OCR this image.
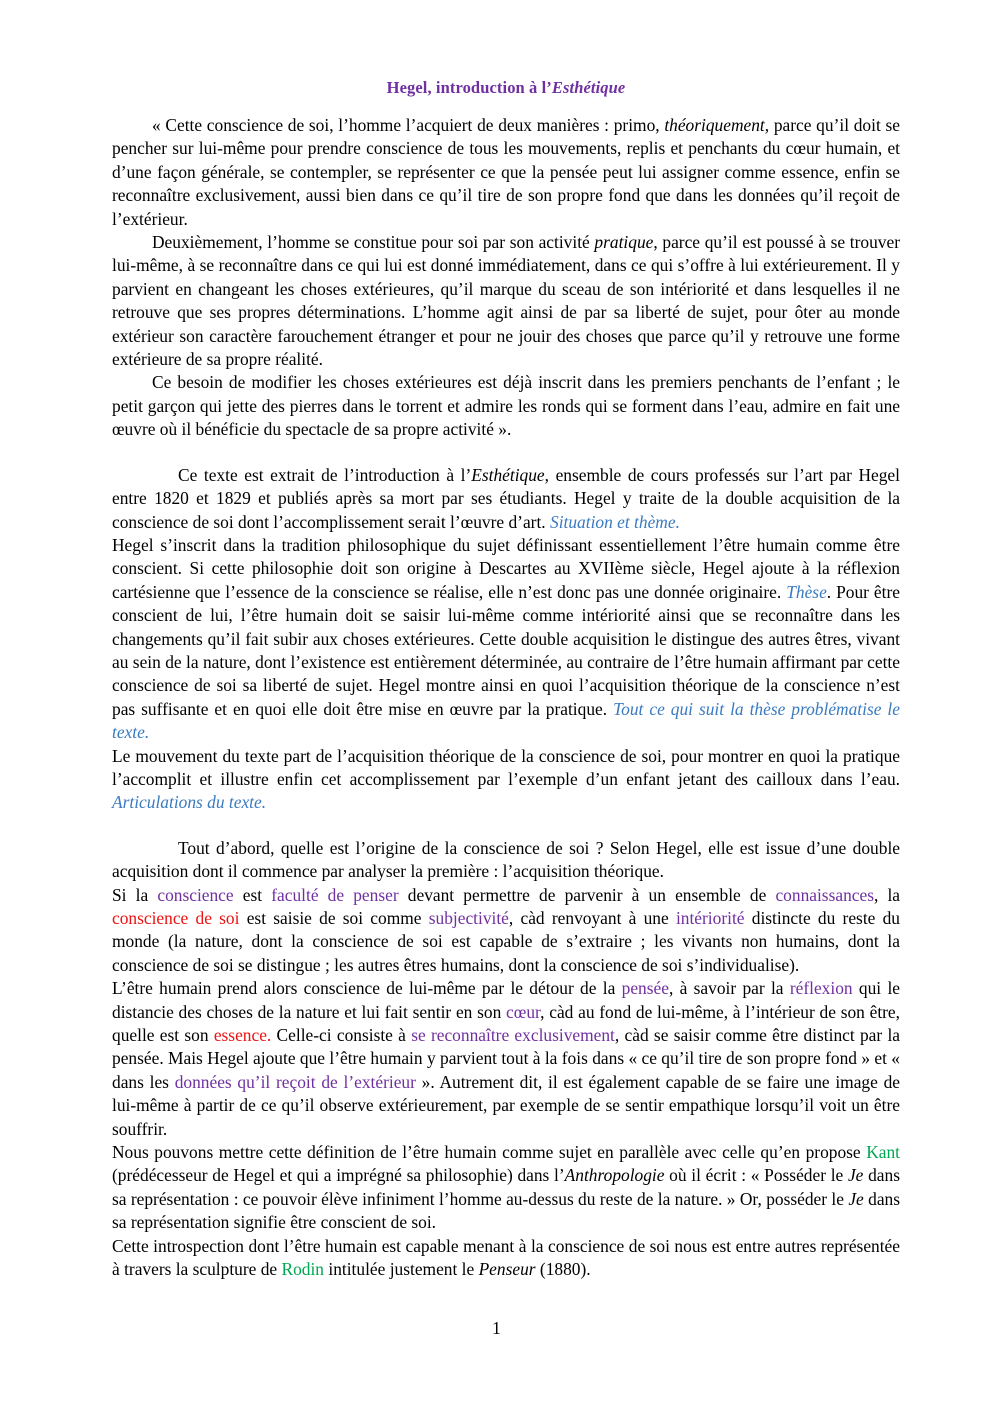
Hegel, introduction à l’Esthétique

« Cette conscience de soi, l’homme l’acquiert de deux manières : primo, théoriquement, parce qu’il doit se pencher sur lui-même pour prendre conscience de tous les mouvements, replis et penchants du cœur humain, et d’une façon générale, se contempler, se représenter ce que la pensée peut lui assigner comme essence, enfin se reconnaître exclusivement, aussi bien dans ce qu’il tire de son propre fond que dans les données qu’il reçoit de l’extérieur.

Deuxièmement, l’homme se constitue pour soi par son activité pratique, parce qu’il est poussé à se trouver lui-même, à se reconnaître dans ce qui lui est donné immédiatement, dans ce qui s’offre à lui extérieurement. Il y parvient en changeant les choses extérieures, qu’il marque du sceau de son intériorité et dans lesquelles il ne retrouve que ses propres déterminations. L’homme agit ainsi de par sa liberté de sujet, pour ôter au monde extérieur son caractère farouchement étranger et pour ne jouir des choses que parce qu’il y retrouve une forme extérieure de sa propre réalité.

Ce besoin de modifier les choses extérieures est déjà inscrit dans les premiers penchants de l’enfant ; le petit garçon qui jette des pierres dans le torrent et admire les ronds qui se forment dans l’eau, admire en fait une œuvre où il bénéficie du spectacle de sa propre activité ».

Ce texte est extrait de l’introduction à l’Esthétique, ensemble de cours professés sur l’art par Hegel entre 1820 et 1829 et publiés après sa mort par ses étudiants. Hegel y traite de la double acquisition de la conscience de soi dont l’accomplissement serait l’œuvre d’art. Situation et thème.

Hegel s’inscrit dans la tradition philosophique du sujet définissant essentiellement l’être humain comme être conscient. Si cette philosophie doit son origine à Descartes au XVIIème siècle, Hegel ajoute à la réflexion cartésienne que l’essence de la conscience se réalise, elle n’est donc pas une donnée originaire. Thèse. Pour être conscient de lui, l’être humain doit se saisir lui-même comme intériorité ainsi que se reconnaître dans les changements qu’il fait subir aux choses extérieures. Cette double acquisition le distingue des autres êtres, vivant au sein de la nature, dont l’existence est entièrement déterminée, au contraire de l’être humain affirmant par cette conscience de soi sa liberté de sujet. Hegel montre ainsi en quoi l’acquisition théorique de la conscience n’est pas suffisante et en quoi elle doit être mise en œuvre par la pratique. Tout ce qui suit la thèse problématise le texte.

Le mouvement du texte part de l’acquisition théorique de la conscience de soi, pour montrer en quoi la pratique l’accomplit et illustre enfin cet accomplissement par l’exemple d’un enfant jetant des cailloux dans l’eau. Articulations du texte.

Tout d’abord, quelle est l’origine de la conscience de soi ? Selon Hegel, elle est issue d’une double acquisition dont il commence par analyser la première : l’acquisition théorique.

Si la conscience est faculté de penser devant permettre de parvenir à un ensemble de connaissances, la conscience de soi est saisie de soi comme subjectivité, càd renvoyant à une intériorité distincte du reste du monde (la nature, dont la conscience de soi est capable de s’extraire ; les vivants non humains, dont la conscience de soi se distingue ; les autres êtres humains, dont la conscience de soi s’individualise).

L’être humain prend alors conscience de lui-même par le détour de la pensée, à savoir par la réflexion qui le distancie des choses de la nature et lui fait sentir en son cœur, càd au fond de lui-même, à l’intérieur de son être, quelle est son essence. Celle-ci consiste à se reconnaître exclusivement, càd se saisir comme être distinct par la pensée. Mais Hegel ajoute que l’être humain y parvient tout à la fois dans « ce qu’il tire de son propre fond » et « dans les données qu’il reçoit de l’extérieur ». Autrement dit, il est également capable de se faire une image de lui-même à partir de ce qu’il observe extérieurement, par exemple de se sentir empathique lorsqu’il voit un être souffrir.

Nous pouvons mettre cette définition de l’être humain comme sujet en parallèle avec celle qu’en propose Kant (prédécesseur de Hegel et qui a imprégné sa philosophie) dans l’Anthropologie où il écrit : « Posséder le Je dans sa représentation : ce pouvoir élève infiniment l’homme au-dessus du reste de la nature. » Or, posséder le Je dans sa représentation signifie être conscient de soi.

Cette introspection dont l’être humain est capable menant à la conscience de soi nous est entre autres représentée à travers la sculpture de Rodin intitulée justement le Penseur (1880).

1
